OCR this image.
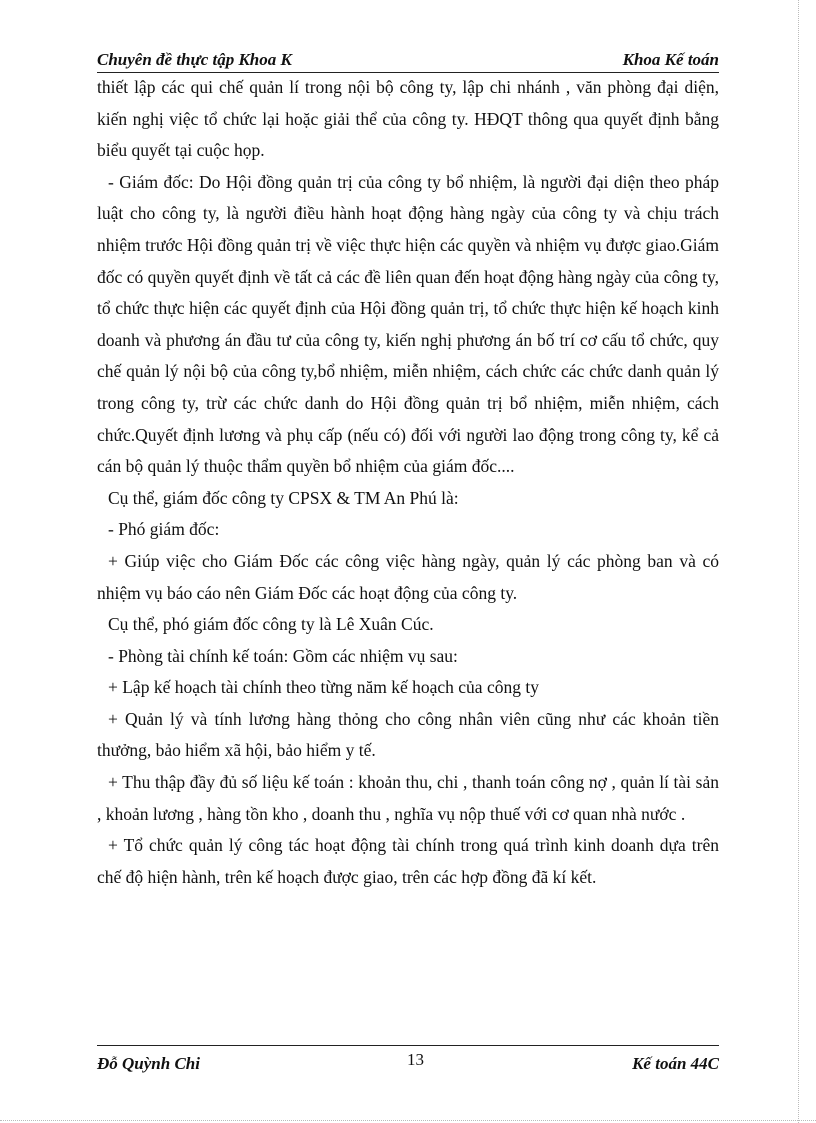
Chuyên đề thực tập Khoa K	Khoa Kế toán

thiết lập các qui chế quản lí trong nội bộ công ty, lập chi nhánh , văn phòng đại diện, kiến nghị việc tổ chức lại hoặc giải thể của công ty. HĐQT thông qua quyết định bằng biểu quyết tại cuộc họp.

- Giám đốc: Do Hội đồng quản trị của công ty bổ nhiệm, là người đại diện theo pháp luật cho công ty, là người điều hành hoạt động hàng ngày của công ty và chịu trách nhiệm trước Hội đồng quản trị về việc thực hiện các quyền và nhiệm vụ được giao.Giám đốc có quyền quyết định về tất cả các đề liên quan đến hoạt động hàng ngày của công ty, tổ chức thực hiện các quyết định của Hội đồng quản trị, tổ chức thực hiện kế hoạch kinh doanh và phương án đầu tư của công ty, kiến nghị phương án bố trí cơ cấu tổ chức, quy chế quản lý nội bộ của công ty,bổ nhiệm, miễn nhiệm, cách chức các chức danh quản lý trong công ty, trừ các chức danh do Hội đồng quản trị bổ nhiệm, miễn nhiệm, cách chức.Quyết định lương và phụ cấp (nếu có) đối với người lao động trong công ty, kể cả cán bộ quản lý thuộc thẩm quyền bổ nhiệm của giám đốc....

Cụ thể, giám đốc công ty CPSX & TM An Phú là:

- Phó giám đốc:

+ Giúp việc cho Giám Đốc các công việc hàng ngày, quản lý các phòng ban và có nhiệm vụ báo cáo nên Giám Đốc các hoạt động của công ty.

Cụ thể, phó giám đốc công ty là Lê Xuân Cúc.

- Phòng tài chính kế toán: Gồm các nhiệm vụ sau:

+ Lập kế hoạch tài chính theo từng năm kế hoạch của công ty

+ Quản lý và tính lương hàng thỏng cho công nhân viên cũng như các khoản tiền thưởng, bảo hiểm xã hội, bảo hiểm y tế.

+ Thu thập đầy đủ số liệu kế toán : khoản thu, chi , thanh toán công nợ , quản lí tài sản , khoản lương , hàng tồn kho , doanh thu , nghĩa vụ nộp thuế với cơ quan nhà nước .

+ Tổ chức quản lý công tác hoạt động tài chính trong quá trình kinh doanh dựa trên chế độ hiện hành, trên kế hoạch được giao, trên các hợp đồng đã kí kết.

Đỗ Quỳnh Chi	13	Kế toán 44C
